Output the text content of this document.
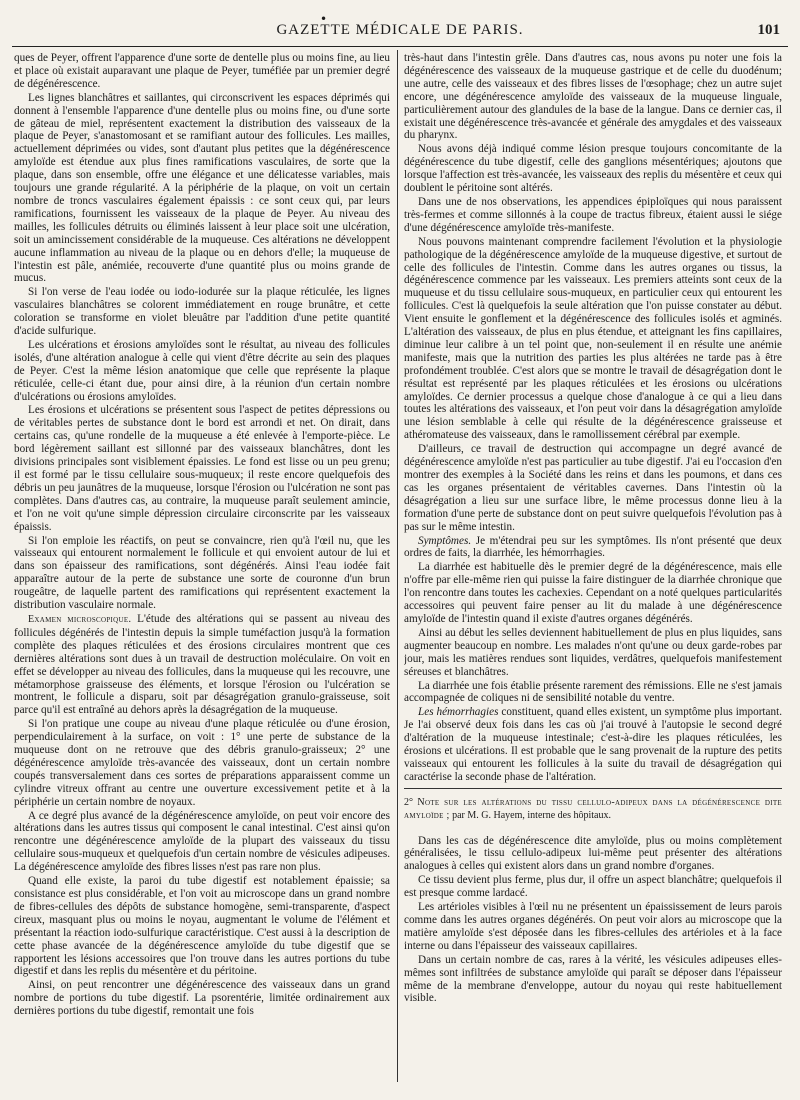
•
GAZETTE MÉDICALE DE PARIS.	101

ques de Peyer, offrent l'apparence d'une sorte de dentelle plus ou moins fine, au lieu et place où existait auparavant une plaque de Peyer, tuméfiée par un premier degré de dégénérescence.

Les lignes blanchâtres et saillantes, qui circonscrivent les espaces déprimés qui donnent à l'ensemble l'apparence d'une dentelle plus ou moins fine, ou d'une sorte de gâteau de miel, représentent exactement la distribution des vaisseaux de la plaque de Peyer, s'anastomosant et se ramifiant autour des follicules. Les mailles, actuellement déprimées ou vides, sont d'autant plus petites que la dégénérescence amyloïde est étendue aux plus fines ramifications vasculaires, de sorte que la plaque, dans son ensemble, offre une élégance et une délicatesse variables, mais toujours une grande régularité. A la périphérie de la plaque, on voit un certain nombre de troncs vasculaires également épaissis : ce sont ceux qui, par leurs ramifications, fournissent les vaisseaux de la plaque de Peyer. Au niveau des mailles, les follicules détruits ou éliminés laissent à leur place soit une ulcération, soit un amincissement considérable de la muqueuse. Ces altérations ne développent aucune inflammation au niveau de la plaque ou en dehors d'elle; la muqueuse de l'intestin est pâle, anémiée, recouverte d'une quantité plus ou moins grande de mucus.

Si l'on verse de l'eau iodée ou iodo-iodurée sur la plaque réticulée, les lignes vasculaires blanchâtres se colorent immédiatement en rouge brunâtre, et cette coloration se transforme en violet bleuâtre par l'addition d'une petite quantité d'acide sulfurique.

Les ulcérations et érosions amyloïdes sont le résultat, au niveau des follicules isolés, d'une altération analogue à celle qui vient d'être décrite au sein des plaques de Peyer. C'est la même lésion anatomique que celle que représente la plaque réticulée, celle-ci étant due, pour ainsi dire, à la réunion d'un certain nombre d'ulcérations ou érosions amyloïdes.

Les érosions et ulcérations se présentent sous l'aspect de petites dépressions ou de véritables pertes de substance dont le bord est arrondi et net. On dirait, dans certains cas, qu'une rondelle de la muqueuse a été enlevée à l'emporte-pièce. Le bord légèrement saillant est sillonné par des vaisseaux blanchâtres, dont les divisions principales sont visiblement épaissies. Le fond est lisse ou un peu grenu; il est formé par le tissu cellulaire sous-muqueux; il reste encore quelquefois des débris un peu jaunâtres de la muqueuse, lorsque l'érosion ou l'ulcération ne sont pas complètes. Dans d'autres cas, au contraire, la muqueuse paraît seulement amincie, et l'on ne voit qu'une simple dépression circulaire circonscrite par les vaisseaux épaissis.

Si l'on emploie les réactifs, on peut se convaincre, rien qu'à l'œil nu, que les vaisseaux qui entourent normalement le follicule et qui envoient autour de lui et dans son épaisseur des ramifications, sont dégénérés. Ainsi l'eau iodée fait apparaître autour de la perte de substance une sorte de couronne d'un brun rougeâtre, de laquelle partent des ramifications qui représentent exactement la distribution vasculaire normale.

Examen microscopique. L'étude des altérations qui se passent au niveau des follicules dégénérés de l'intestin depuis la simple tuméfaction jusqu'à la formation complète des plaques réticulées et des érosions circulaires montrent que ces dernières altérations sont dues à un travail de destruction moléculaire. On voit en effet se développer au niveau des follicules, dans la muqueuse qui les recouvre, une métamorphose graisseuse des éléments, et lorsque l'érosion ou l'ulcération se montrent, le follicule a disparu, soit par désagrégation granulo-graisseuse, soit parce qu'il est entraîné au dehors après la désagrégation de la muqueuse.

Si l'on pratique une coupe au niveau d'une plaque réticulée ou d'une érosion, perpendiculairement à la surface, on voit : 1° une perte de substance de la muqueuse dont on ne retrouve que des débris granulo-graisseux; 2° une dégénérescence amyloïde très-avancée des vaisseaux, dont un certain nombre coupés transversalement dans ces sortes de préparations apparaissent comme un cylindre vitreux offrant au centre une ouverture excessivement petite et à la périphérie un certain nombre de noyaux.

A ce degré plus avancé de la dégénérescence amyloïde, on peut voir encore des altérations dans les autres tissus qui composent le canal intestinal. C'est ainsi qu'on rencontre une dégénérescence amyloïde de la plupart des vaisseaux du tissu cellulaire sous-muqueux et quelquefois d'un certain nombre de vésicules adipeuses. La dégénérescence amyloïde des fibres lisses n'est pas rare non plus.

Quand elle existe, la paroi du tube digestif est notablement épaissie; sa consistance est plus considérable, et l'on voit au microscope dans un grand nombre de fibres-cellules des dépôts de substance homogène, semi-transparente, d'aspect cireux, masquant plus ou moins le noyau, augmentant le volume de l'élément et présentant la réaction iodo-sulfurique caractéristique. C'est aussi à la description de cette phase avancée de la dégénérescence amyloïde du tube digestif que se rapportent les lésions accessoires que l'on trouve dans les autres portions du tube digestif et dans les replis du mésentère et du péritoine.

Ainsi, on peut rencontrer une dégénérescence des vaisseaux dans un grand nombre de portions du tube digestif. La psorentérie, limitée ordinairement aux dernières portions du tube digestif, remontait une fois

très-haut dans l'intestin grêle. Dans d'autres cas, nous avons pu noter une fois la dégénérescence des vaisseaux de la muqueuse gastrique et de celle du duodénum; une autre, celle des vaisseaux et des fibres lisses de l'œsophage; chez un autre sujet encore, une dégénérescence amyloïde des vaisseaux de la muqueuse linguale, particulièrement autour des glandules de la base de la langue. Dans ce dernier cas, il existait une dégénérescence très-avancée et générale des amygdales et des vaisseaux du pharynx.

Nous avons déjà indiqué comme lésion presque toujours concomitante de la dégénérescence du tube digestif, celle des ganglions mésentériques; ajoutons que lorsque l'affection est très-avancée, les vaisseaux des replis du mésentère et ceux qui doublent le péritoine sont altérés.

Dans une de nos observations, les appendices épiploïques qui nous paraissent très-fermes et comme sillonnés à la coupe de tractus fibreux, étaient aussi le siége d'une dégénérescence amyloïde très-manifeste.

Nous pouvons maintenant comprendre facilement l'évolution et la physiologie pathologique de la dégénérescence amyloïde de la muqueuse digestive, et surtout de celle des follicules de l'intestin. Comme dans les autres organes ou tissus, la dégénérescence commence par les vaisseaux. Les premiers atteints sont ceux de la muqueuse et du tissu cellulaire sous-muqueux, en particulier ceux qui entourent les follicules. C'est là quelquefois la seule altération que l'on puisse constater au début. Vient ensuite le gonflement et la dégénérescence des follicules isolés et agminés. L'altération des vaisseaux, de plus en plus étendue, et atteignant les fins capillaires, diminue leur calibre à un tel point que, non-seulement il en résulte une anémie manifeste, mais que la nutrition des parties les plus altérées ne tarde pas à être profondément troublée. C'est alors que se montre le travail de désagrégation dont le résultat est représenté par les plaques réticulées et les érosions ou ulcérations amyloïdes. Ce dernier processus a quelque chose d'analogue à ce qui a lieu dans toutes les altérations des vaisseaux, et l'on peut voir dans la désagrégation amyloïde une lésion semblable à celle qui résulte de la dégénérescence graisseuse et athéromateuse des vaisseaux, dans le ramollissement cérébral par exemple.

D'ailleurs, ce travail de destruction qui accompagne un degré avancé de dégénérescence amyloïde n'est pas particulier au tube digestif. J'ai eu l'occasion d'en montrer des exemples à la Société dans les reins et dans les poumons, et dans ces cas les organes présentaient de véritables cavernes. Dans l'intestin où la désagrégation a lieu sur une surface libre, le même processus donne lieu à la formation d'une perte de substance dont on peut suivre quelquefois l'évolution pas à pas sur le même intestin.

Symptômes. Je m'étendrai peu sur les symptômes. Ils n'ont présenté que deux ordres de faits, la diarrhée, les hémorrhagies.

La diarrhée est habituelle dès le premier degré de la dégénérescence, mais elle n'offre par elle-même rien qui puisse la faire distinguer de la diarrhée chronique que l'on rencontre dans toutes les cachexies. Cependant on a noté quelques particularités accessoires qui peuvent faire penser au lit du malade à une dégénérescence amyloïde de l'intestin quand il existe d'autres organes dégénérés.

Ainsi au début les selles deviennent habituellement de plus en plus liquides, sans augmenter beaucoup en nombre. Les malades n'ont qu'une ou deux garde-robes par jour, mais les matières rendues sont liquides, verdâtres, quelquefois manifestement séreuses et blanchâtres.

La diarrhée une fois établie présente rarement des rémissions. Elle ne s'est jamais accompagnée de coliques ni de sensibilité notable du ventre.

Les hémorrhagies constituent, quand elles existent, un symptôme plus important. Je l'ai observé deux fois dans les cas où j'ai trouvé à l'autopsie le second degré d'altération de la muqueuse intestinale; c'est-à-dire les plaques réticulées, les érosions et ulcérations. Il est probable que le sang provenait de la rupture des petits vaisseaux qui entourent les follicules à la suite du travail de désagrégation qui caractérise la seconde phase de l'altération.

2° Note sur les altérations du tissu cellulo-adipeux dans la dégénérescence dite amyloïde ; par M. G. Hayem, interne des hôpitaux.

Dans les cas de dégénérescence dite amyloïde, plus ou moins complètement généralisées, le tissu cellulo-adipeux lui-même peut présenter des altérations analogues à celles qui existent alors dans un grand nombre d'organes.

Ce tissu devient plus ferme, plus dur, il offre un aspect blanchâtre; quelquefois il est presque comme lardacé.

Les artérioles visibles à l'œil nu ne présentent un épaississement de leurs parois comme dans les autres organes dégénérés. On peut voir alors au microscope que la matière amyloïde s'est déposée dans les fibres-cellules des artérioles et à la face interne ou dans l'épaisseur des vaisseaux capillaires.

Dans un certain nombre de cas, rares à la vérité, les vésicules adipeuses elles-mêmes sont infiltrées de substance amyloïde qui paraît se déposer dans l'épaisseur même de la membrane d'enveloppe, autour du noyau qui reste habituellement visible.
